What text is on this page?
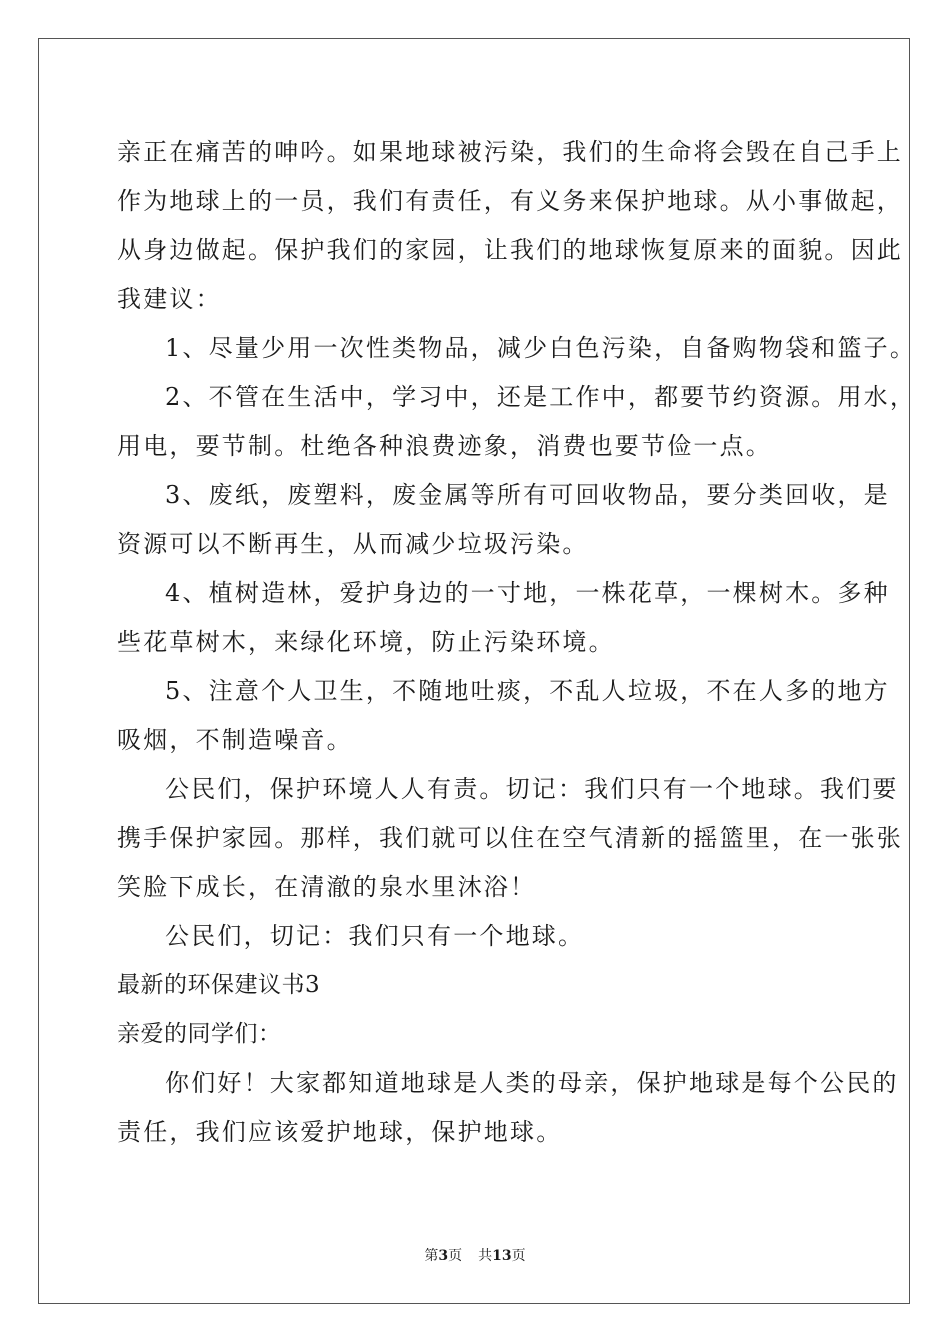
亲正在痛苦的呻吟。如果地球被污染，我们的生命将会毁在自己手上
作为地球上的一员，我们有责任，有义务来保护地球。从小事做起，
从身边做起。保护我们的家园，让我们的地球恢复原来的面貌。因此
我建议：
1、尽量少用一次性类物品，减少白色污染，自备购物袋和篮子。
2、不管在生活中，学习中，还是工作中，都要节约资源。用水，
用电，要节制。杜绝各种浪费迹象，消费也要节俭一点。
3、废纸，废塑料，废金属等所有可回收物品，要分类回收，是
资源可以不断再生，从而减少垃圾污染。
4、植树造林，爱护身边的一寸地，一株花草，一棵树木。多种
些花草树木，来绿化环境，防止污染环境。
5、注意个人卫生，不随地吐痰，不乱人垃圾，不在人多的地方
吸烟，不制造噪音。
公民们，保护环境人人有责。切记：我们只有一个地球。我们要
携手保护家园。那样，我们就可以住在空气清新的摇篮里，在一张张
笑脸下成长，在清澈的泉水里沐浴！
公民们，切记：我们只有一个地球。
最新的环保建议书3
亲爱的同学们：
你们好！大家都知道地球是人类的母亲，保护地球是每个公民的
责任，我们应该爱护地球，保护地球。
第3页 共13页
